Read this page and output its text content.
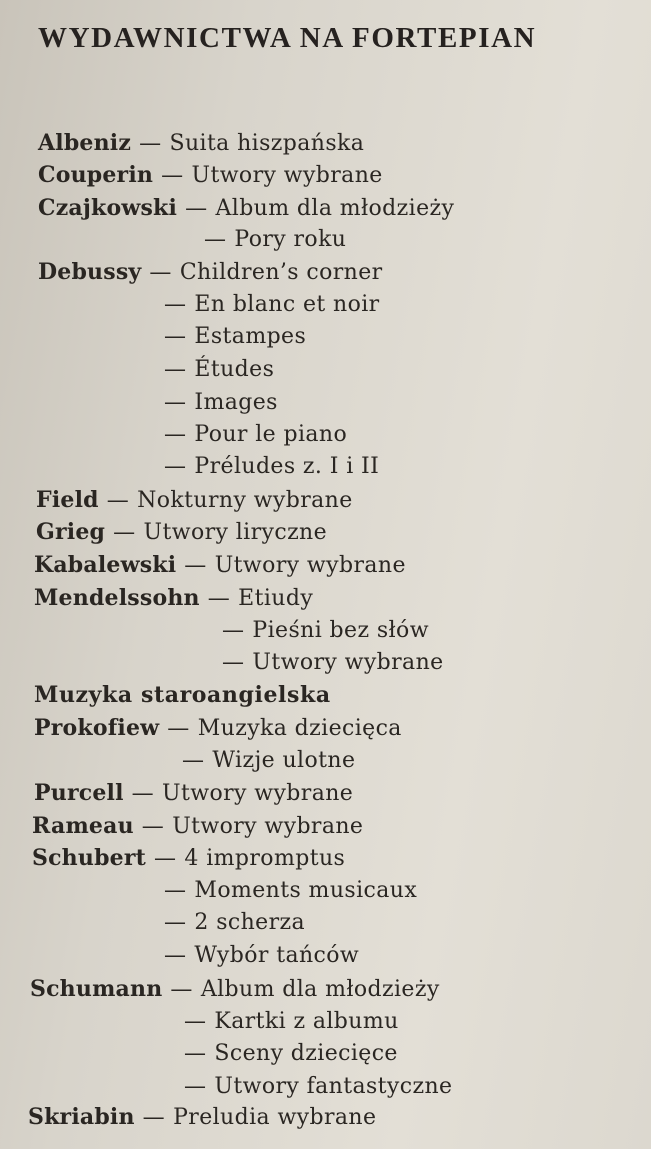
WYDAWNICTWA NA FORTEPIAN
Albeniz — Suita hiszpańska
Couperin — Utwory wybrane
Czajkowski — Album dla młodzieży
— Pory roku
Debussy — Children’s corner
— En blanc et noir
— Estampes
— Études
— Images
— Pour le piano
— Préludes z. I i II
Field — Nokturny wybrane
Grieg — Utwory liryczne
Kabalewski — Utwory wybrane
Mendelssohn — Etiudy
— Pieśni bez słów
— Utwory wybrane
Muzyka staroangielska
Prokofiew — Muzyka dziecięca
— Wizje ulotne
Purcell — Utwory wybrane
Rameau — Utwory wybrane
Schubert — 4 impromptus
— Moments musicaux
— 2 scherza
— Wybór tańców
Schumann — Album dla młodzieży
— Kartki z albumu
— Sceny dziecięce
— Utwory fantastyczne
Skriabin — Preludia wybrane
